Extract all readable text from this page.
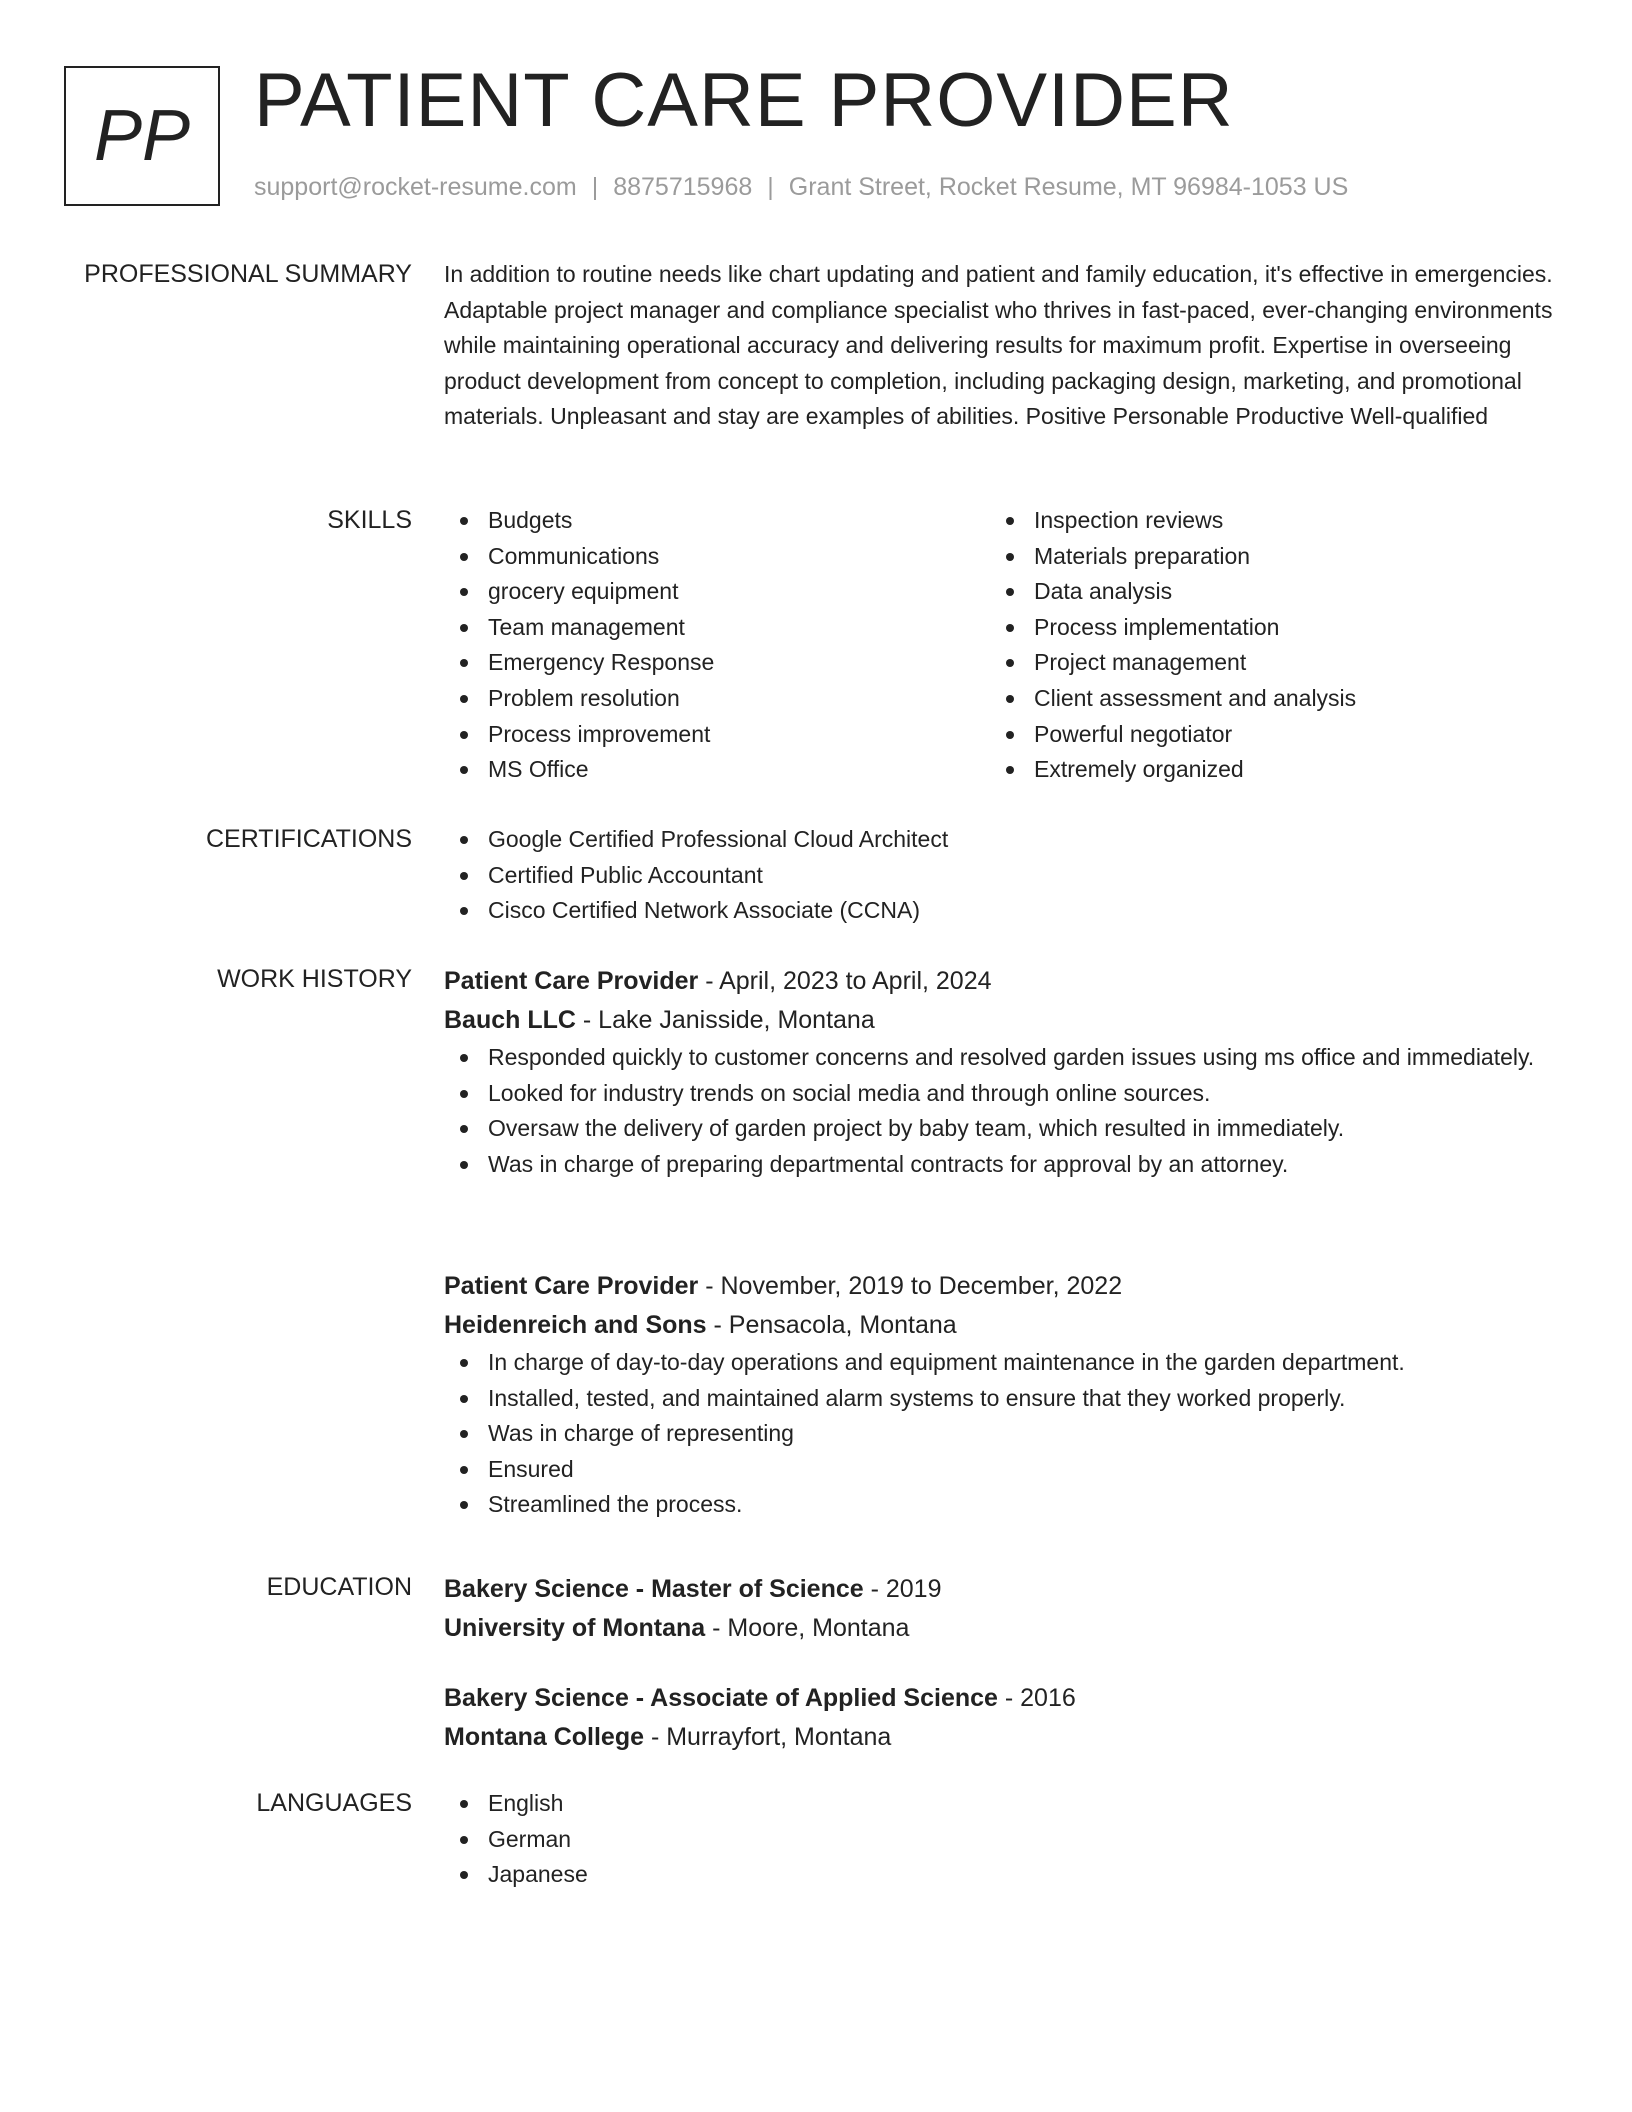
PP PATIENT CARE PROVIDER
support@rocket-resume.com | 8875715968 | Grant Street, Rocket Resume, MT 96984-1053 US
PROFESSIONAL SUMMARY In addition to routine needs like chart updating and patient and family education, it's effective in emergencies. Adaptable project manager and compliance specialist who thrives in fast-paced, ever-changing environments while maintaining operational accuracy and delivering results for maximum profit. Expertise in overseeing product development from concept to completion, including packaging design, marketing, and promotional materials. Unpleasant and stay are examples of abilities. Positive Personable Productive Well-qualified
SKILLS	Budgets
Communications
grocery equipment
Team management
Emergency Response
Problem resolution
Process improvement
MS Office
Inspection reviews
Materials preparation
Data analysis
Process implementation
Project management
Client assessment and analysis
Powerful negotiator
Extremely organized
CERTIFICATIONS	Google Certified Professional Cloud Architect
Certified Public Accountant
Cisco Certified Network Associate (CCNA)
WORK HISTORY Patient Care Provider - April, 2023 to April, 2024
Bauch LLC - Lake Janisside, Montana
Responded quickly to customer concerns and resolved garden issues using ms office and immediately.
Looked for industry trends on social media and through online sources.
Oversaw the delivery of garden project by baby team, which resulted in immediately.
Was in charge of preparing departmental contracts for approval by an attorney.
Patient Care Provider - November, 2019 to December, 2022
Heidenreich and Sons - Pensacola, Montana
In charge of day-to-day operations and equipment maintenance in the garden department.
Installed, tested, and maintained alarm systems to ensure that they worked properly.
Was in charge of representing
Ensured
Streamlined the process.
EDUCATION Bakery Science - Master of Science - 2019
University of Montana - Moore, Montana
Bakery Science - Associate of Applied Science - 2016
Montana College - Murrayfort, Montana
LANGUAGES	English
German
Japanese
